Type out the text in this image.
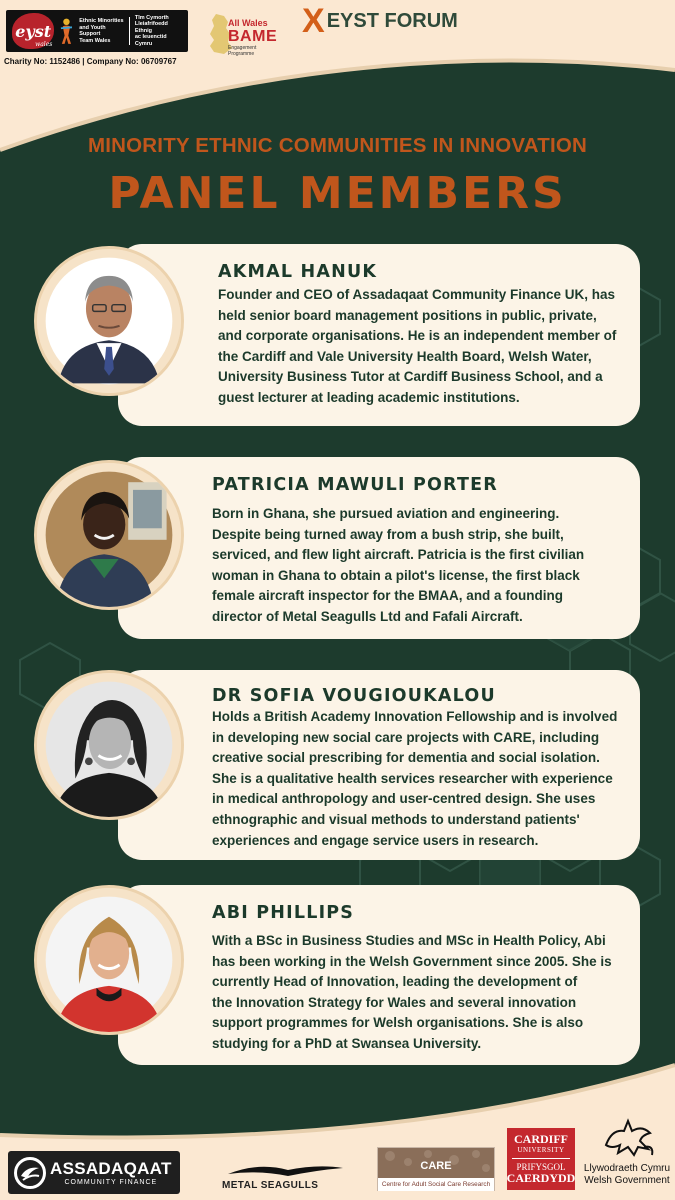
eyst
wales
Ethnic Minorities
and Youth Support
Team Wales
Tîm Cymorth
Lleiafrifoedd Ethnig
ac Ieuenctid Cymru
Charity No: 1152486 | Company No: 06709767
All Wales
BAME
Engagement
Programme
X EYST FORUM
MINORITY ETHNIC COMMUNITIES IN INNOVATION
PANEL MEMBERS
AKMAL HANUK
Founder and CEO of Assadaqaat Community Finance UK, has
held senior board management positions in public, private,
and corporate organisations. He is an independent member of
the Cardiff and Vale University Health Board, Welsh Water,
University Business Tutor at Cardiff Business School, and a
guest lecturer at leading academic institutions.
PATRICIA MAWULI PORTER
Born in Ghana, she pursued aviation and engineering.
Despite being turned away from a bush strip, she built,
serviced, and flew light aircraft. Patricia is the first civilian
woman in Ghana to obtain a pilot's license, the first black
female aircraft inspector for the BMAA, and a founding
director of Metal Seagulls Ltd and Fafali Aircraft.
DR SOFIA VOUGIOUKALOU
Holds a British Academy Innovation Fellowship and is involved
in developing new social care projects with CARE, including
creative social prescribing for dementia and social isolation.
She is a qualitative health services researcher with experience
in medical anthropology and user-centred design. She uses
ethnographic and visual methods to understand patients'
experiences and engage service users in research.
ABI PHILLIPS
With a BSc in Business Studies and MSc in Health Policy, Abi
has been working in the Welsh Government since 2005. She is
currently Head of Innovation, leading the development of
the Innovation Strategy for Wales and several innovation
support programmes for Welsh organisations. She is also
studying for a PhD at Swansea University.
ASSADAQAAT
COMMUNITY FINANCE	METAL SEAGULLS
CARE
Centre for Adult Social Care Research
CARDIFF
UNIVERSITY
PRIFYSGOL
CAERDYDD
Llywodraeth Cymru
Welsh Government
